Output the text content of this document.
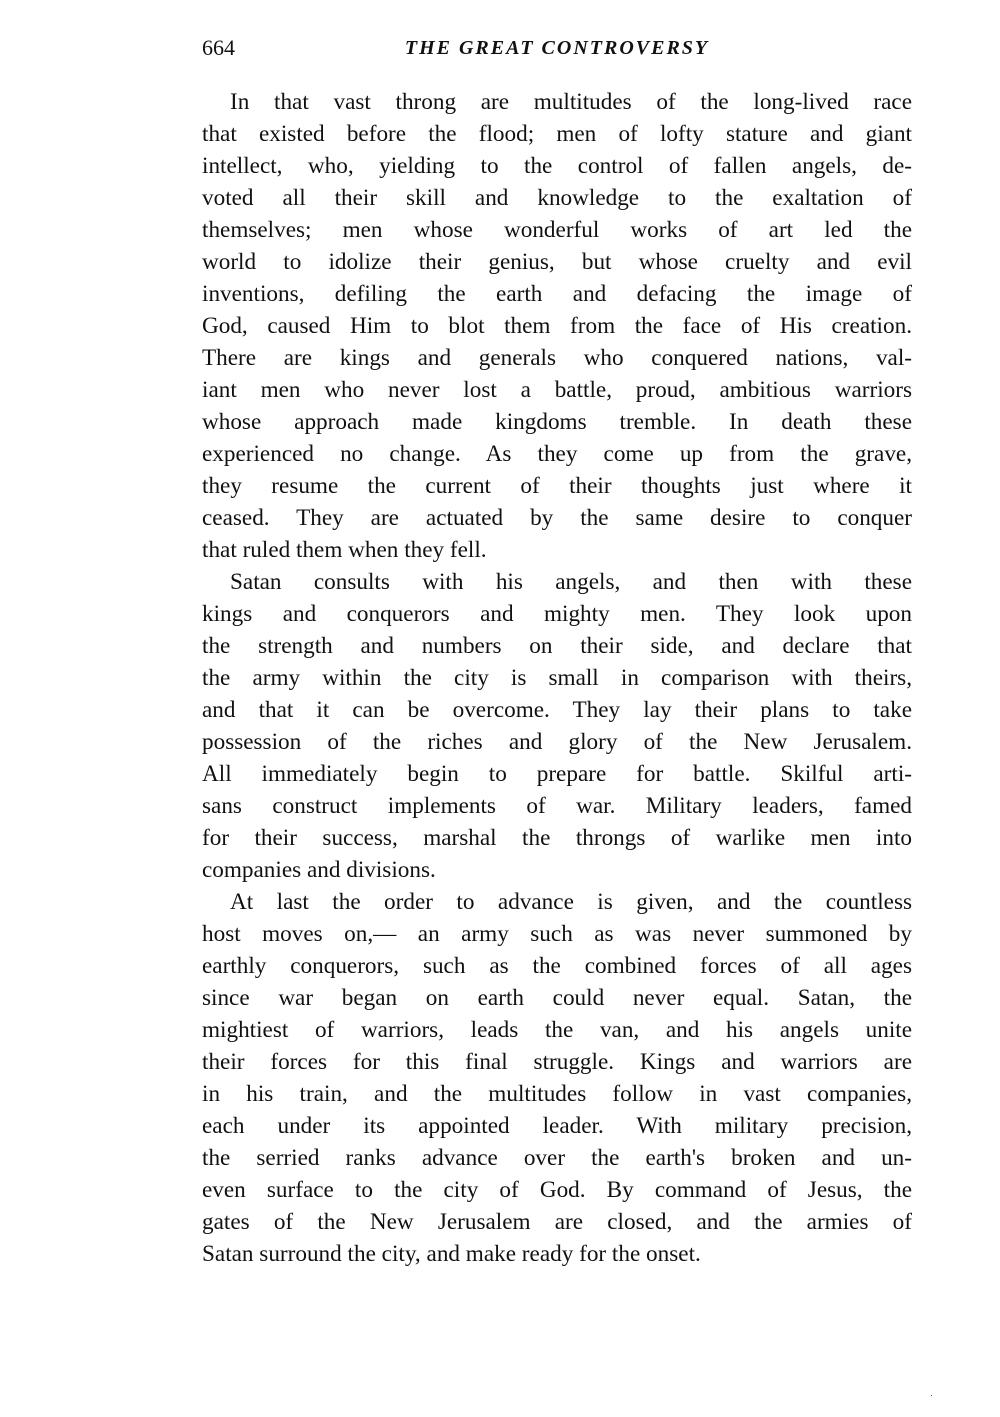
664	THE GREAT CONTROVERSY
In that vast throng are multitudes of the long-lived race
that existed before the flood; men of lofty stature and giant
intellect, who, yielding to the control of fallen angels, de-
voted all their skill and knowledge to the exaltation of
themselves; men whose wonderful works of art led the
world to idolize their genius, but whose cruelty and evil
inventions, defiling the earth and defacing the image of
God, caused Him to blot them from the face of His creation.
There are kings and generals who conquered nations, val-
iant men who never lost a battle, proud, ambitious warriors
whose approach made kingdoms tremble. In death these
experienced no change. As they come up from the grave,
they resume the current of their thoughts just where it
ceased. They are actuated by the same desire to conquer
that ruled them when they fell.
Satan consults with his angels, and then with these
kings and conquerors and mighty men. They look upon
the strength and numbers on their side, and declare that
the army within the city is small in comparison with theirs,
and that it can be overcome. They lay their plans to take
possession of the riches and glory of the New Jerusalem.
All immediately begin to prepare for battle. Skilful arti-
sans construct implements of war. Military leaders, famed
for their success, marshal the throngs of warlike men into
companies and divisions.
At last the order to advance is given, and the countless
host moves on,— an army such as was never summoned by
earthly conquerors, such as the combined forces of all ages
since war began on earth could never equal. Satan, the
mightiest of warriors, leads the van, and his angels unite
their forces for this final struggle. Kings and warriors are
in his train, and the multitudes follow in vast companies,
each under its appointed leader. With military precision,
the serried ranks advance over the earth's broken and un-
even surface to the city of God. By command of Jesus, the
gates of the New Jerusalem are closed, and the armies of
Satan surround the city, and make ready for the onset.
